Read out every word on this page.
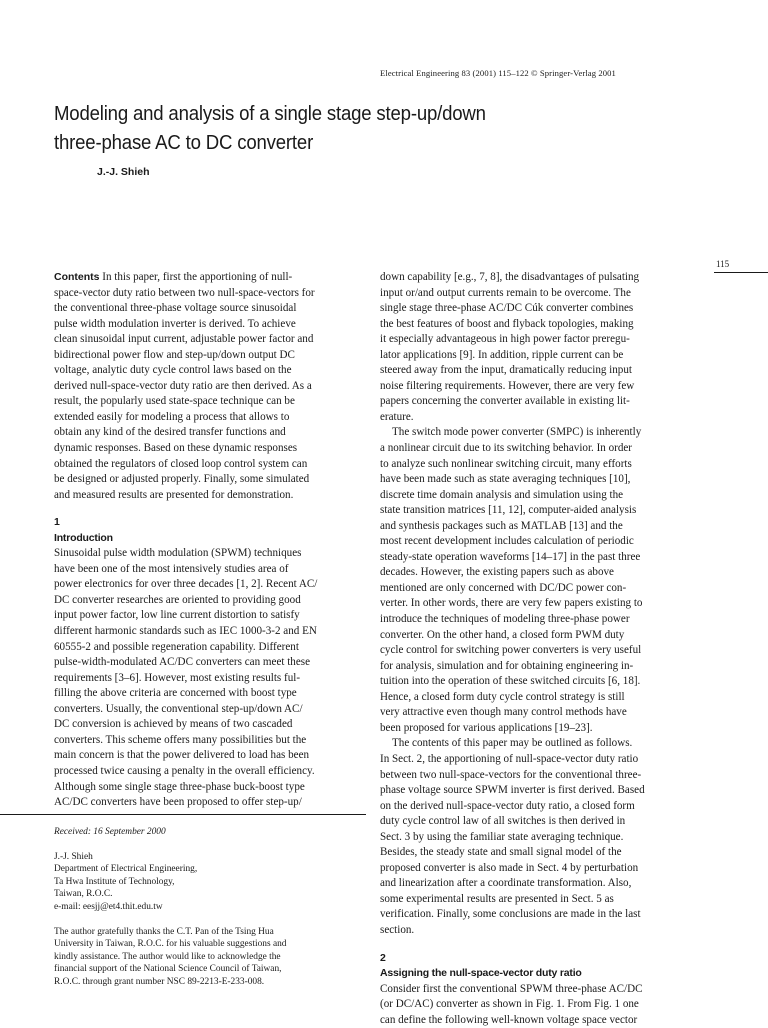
Electrical Engineering 83 (2001) 115–122 © Springer-Verlag 2001
Modeling and analysis of a single stage step-up/down
three-phase AC to DC converter
J.-J. Shieh
115
Contents In this paper, first the apportioning of null-
space-vector duty ratio between two null-space-vectors for
the conventional three-phase voltage source sinusoidal
pulse width modulation inverter is derived. To achieve
clean sinusoidal input current, adjustable power factor and
bidirectional power flow and step-up/down output DC
voltage, analytic duty cycle control laws based on the
derived null-space-vector duty ratio are then derived. As a
result, the popularly used state-space technique can be
extended easily for modeling a process that allows to
obtain any kind of the desired transfer functions and
dynamic responses. Based on these dynamic responses
obtained the regulators of closed loop control system can
be designed or adjusted properly. Finally, some simulated
and measured results are presented for demonstration.
1
Introduction
Sinusoidal pulse width modulation (SPWM) techniques
have been one of the most intensively studies area of
power electronics for over three decades [1, 2]. Recent AC/
DC converter researches are oriented to providing good
input power factor, low line current distortion to satisfy
different harmonic standards such as IEC 1000-3-2 and EN
60555-2 and possible regeneration capability. Different
pulse-width-modulated AC/DC converters can meet these
requirements [3–6]. However, most existing results ful-
filling the above criteria are concerned with boost type
converters. Usually, the conventional step-up/down AC/
DC conversion is achieved by means of two cascaded
converters. This scheme offers many possibilities but the
main concern is that the power delivered to load has been
processed twice causing a penalty in the overall efficiency.
Although some single stage three-phase buck-boost type
AC/DC converters have been proposed to offer step-up/
Received: 16 September 2000
J.-J. Shieh
Department of Electrical Engineering,
Ta Hwa Institute of Technology,
Taiwan, R.O.C.
e-mail: eesjj@et4.thit.edu.tw
The author gratefully thanks the C.T. Pan of the Tsing Hua
University in Taiwan, R.O.C. for his valuable suggestions and
kindly assistance. The author would like to acknowledge the
financial support of the National Science Council of Taiwan,
R.O.C. through grant number NSC 89-2213-E-233-008.
down capability [e.g., 7, 8], the disadvantages of pulsating
input or/and output currents remain to be overcome. The
single stage three-phase AC/DC Cúk converter combines
the best features of boost and flyback topologies, making
it especially advantageous in high power factor preregu-
lator applications [9]. In addition, ripple current can be
steered away from the input, dramatically reducing input
noise filtering requirements. However, there are very few
papers concerning the converter available in existing lit-
erature.
The switch mode power converter (SMPC) is inherently
a nonlinear circuit due to its switching behavior. In order
to analyze such nonlinear switching circuit, many efforts
have been made such as state averaging techniques [10],
discrete time domain analysis and simulation using the
state transition matrices [11, 12], computer-aided analysis
and synthesis packages such as MATLAB [13] and the
most recent development includes calculation of periodic
steady-state operation waveforms [14–17] in the past three
decades. However, the existing papers such as above
mentioned are only concerned with DC/DC power con-
verter. In other words, there are very few papers existing to
introduce the techniques of modeling three-phase power
converter. On the other hand, a closed form PWM duty
cycle control for switching power converters is very useful
for analysis, simulation and for obtaining engineering in-
tuition into the operation of these switched circuits [6, 18].
Hence, a closed form duty cycle control strategy is still
very attractive even though many control methods have
been proposed for various applications [19–23].
The contents of this paper may be outlined as follows.
In Sect. 2, the apportioning of null-space-vector duty ratio
between two null-space-vectors for the conventional three-
phase voltage source SPWM inverter is first derived. Based
on the derived null-space-vector duty ratio, a closed form
duty cycle control law of all switches is then derived in
Sect. 3 by using the familiar state averaging technique.
Besides, the steady state and small signal model of the
proposed converter is also made in Sect. 4 by perturbation
and linearization after a coordinate transformation. Also,
some experimental results are presented in Sect. 5 as
verification. Finally, some conclusions are made in the last
section.
2
Assigning the null-space-vector duty ratio
Consider first the conventional SPWM three-phase AC/DC
(or DC/AC) converter as shown in Fig. 1. From Fig. 1 one
can define the following well-known voltage space vector
